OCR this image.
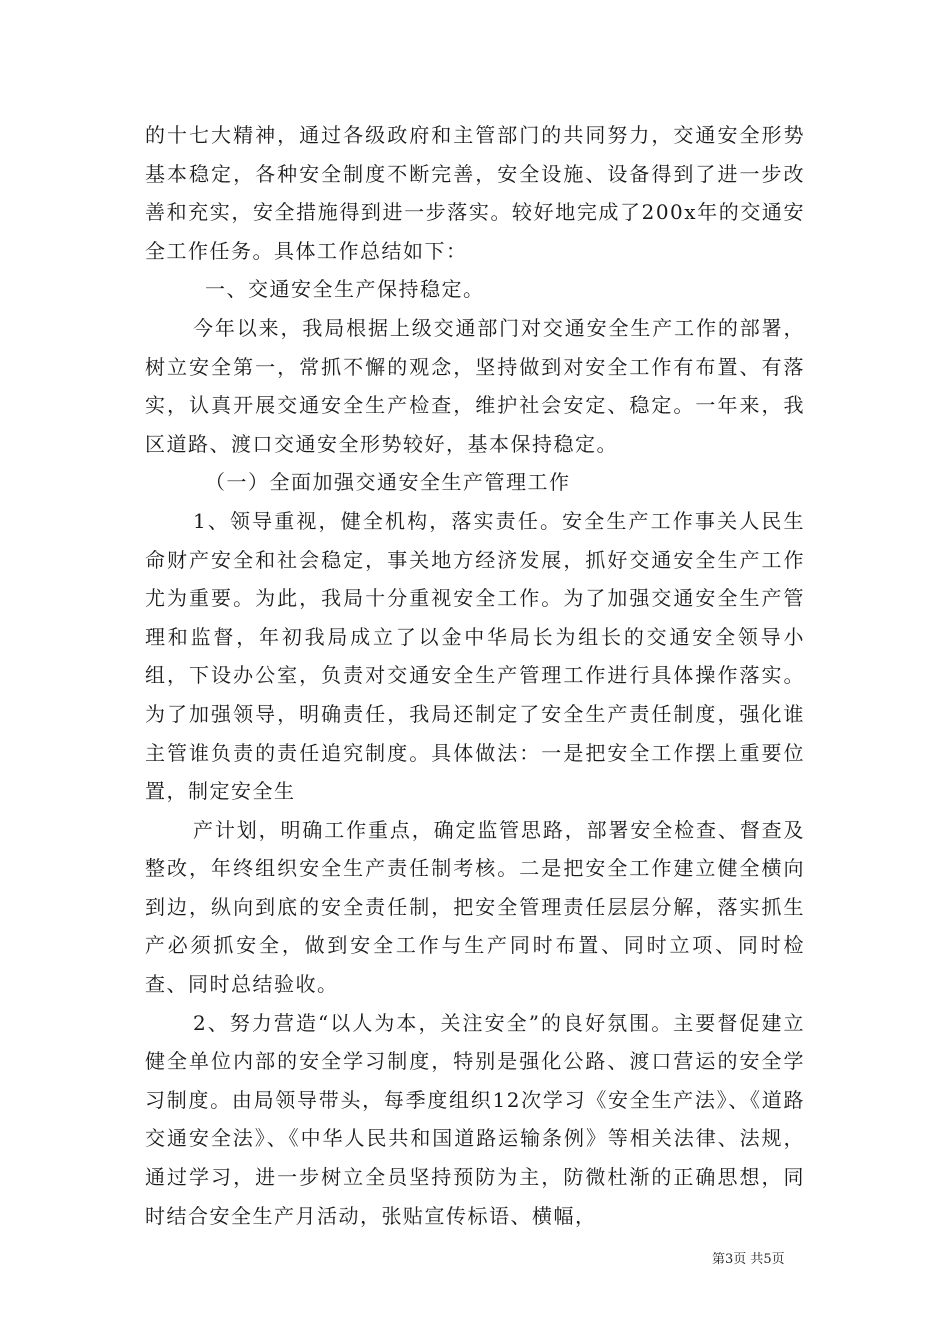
的十七大精神，通过各级政府和主管部门的共同努力，交通安全形势基本稳定，各种安全制度不断完善，安全设施、设备得到了进一步改善和充实，安全措施得到进一步落实。较好地完成了200x年的交通安全工作任务。具体工作总结如下：

一、交通安全生产保持稳定。

今年以来，我局根据上级交通部门对交通安全生产工作的部署，树立安全第一，常抓不懈的观念，坚持做到对安全工作有布置、有落实，认真开展交通安全生产检查，维护社会安定、稳定。一年来，我区道路、渡口交通安全形势较好，基本保持稳定。

（一）全面加强交通安全生产管理工作

1、领导重视，健全机构，落实责任。安全生产工作事关人民生命财产安全和社会稳定，事关地方经济发展，抓好交通安全生产工作尤为重要。为此，我局十分重视安全工作。为了加强交通安全生产管理和监督，年初我局成立了以金中华局长为组长的交通安全领导小组，下设办公室，负责对交通安全生产管理工作进行具体操作落实。为了加强领导，明确责任，我局还制定了安全生产责任制度，强化谁主管谁负责的责任追究制度。具体做法：一是把安全工作摆上重要位置，制定安全生

产计划，明确工作重点，确定监管思路，部署安全检查、督查及整改，年终组织安全生产责任制考核。二是把安全工作建立健全横向到边，纵向到底的安全责任制，把安全管理责任层层分解，落实抓生产必须抓安全，做到安全工作与生产同时布置、同时立项、同时检查、同时总结验收。

2、努力营造“以人为本，关注安全”的良好氛围。主要督促建立健全单位内部的安全学习制度，特别是强化公路、渡口营运的安全学习制度。由局领导带头，每季度组织12次学习《安全生产法》、《道路交通安全法》、《中华人民共和国道路运输条例》等相关法律、法规，通过学习，进一步树立全员坚持预防为主，防微杜渐的正确思想，同时结合安全生产月活动，张贴宣传标语、横幅，

第3页 共5页
